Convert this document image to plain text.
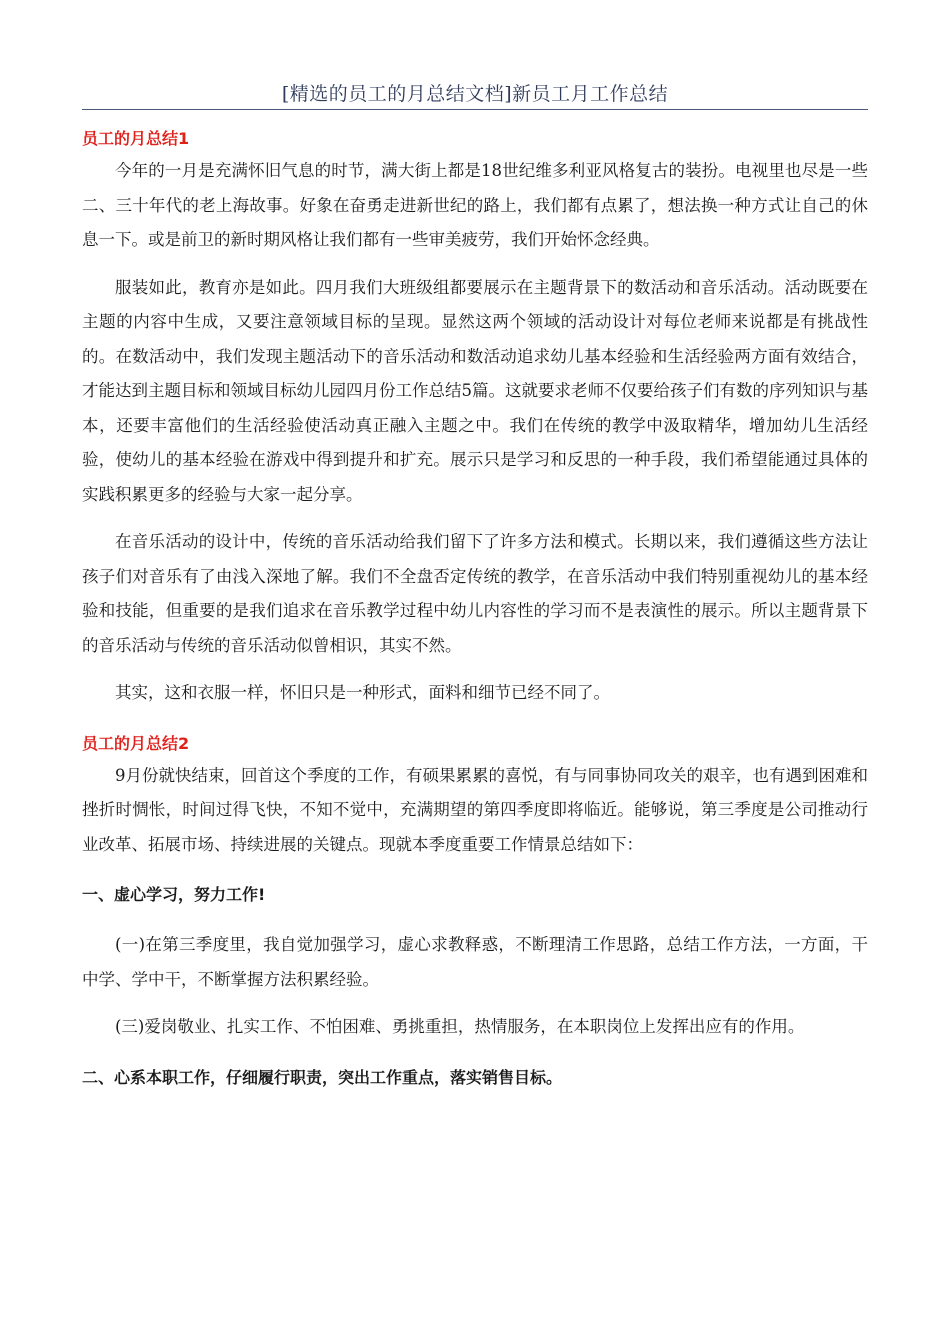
[精选的员工的月总结文档]新员工月工作总结
员工的月总结1

今年的一月是充满怀旧气息的时节，满大街上都是18世纪维多利亚风格复古的装扮。电视里也尽是一些二、三十年代的老上海故事。好象在奋勇走进新世纪的路上，我们都有点累了，想法换一种方式让自己的休息一下。或是前卫的新时期风格让我们都有一些审美疲劳，我们开始怀念经典。

服装如此，教育亦是如此。四月我们大班级组都要展示在主题背景下的数活动和音乐活动。活动既要在主题的内容中生成，又要注意领域目标的呈现。显然这两个领域的活动设计对每位老师来说都是有挑战性的。在数活动中，我们发现主题活动下的音乐活动和数活动追求幼儿基本经验和生活经验两方面有效结合，才能达到主题目标和领域目标幼儿园四月份工作总结5篇。这就要求老师不仅要给孩子们有数的序列知识与基本，还要丰富他们的生活经验使活动真正融入主题之中。我们在传统的教学中汲取精华，增加幼儿生活经验，使幼儿的基本经验在游戏中得到提升和扩充。展示只是学习和反思的一种手段，我们希望能通过具体的实践积累更多的经验与大家一起分享。

在音乐活动的设计中，传统的音乐活动给我们留下了许多方法和模式。长期以来，我们遵循这些方法让孩子们对音乐有了由浅入深地了解。我们不全盘否定传统的教学，在音乐活动中我们特别重视幼儿的基本经验和技能，但重要的是我们追求在音乐教学过程中幼儿内容性的学习而不是表演性的展示。所以主题背景下的音乐活动与传统的音乐活动似曾相识，其实不然。

其实，这和衣服一样，怀旧只是一种形式，面料和细节已经不同了。

员工的月总结2

9月份就快结束，回首这个季度的工作，有硕果累累的喜悦，有与同事协同攻关的艰辛，也有遇到困难和挫折时惆怅，时间过得飞快，不知不觉中，充满期望的第四季度即将临近。能够说，第三季度是公司推动行业改革、拓展市场、持续进展的关键点。现就本季度重要工作情景总结如下：

一、虚心学习，努力工作!

(一)在第三季度里，我自觉加强学习，虚心求教释惑，不断理清工作思路，总结工作方法，一方面，干中学、学中干，不断掌握方法积累经验。

(三)爱岗敬业、扎实工作、不怕困难、勇挑重担，热情服务，在本职岗位上发挥出应有的作用。

二、心系本职工作，仔细履行职责，突出工作重点，落实销售目标。
